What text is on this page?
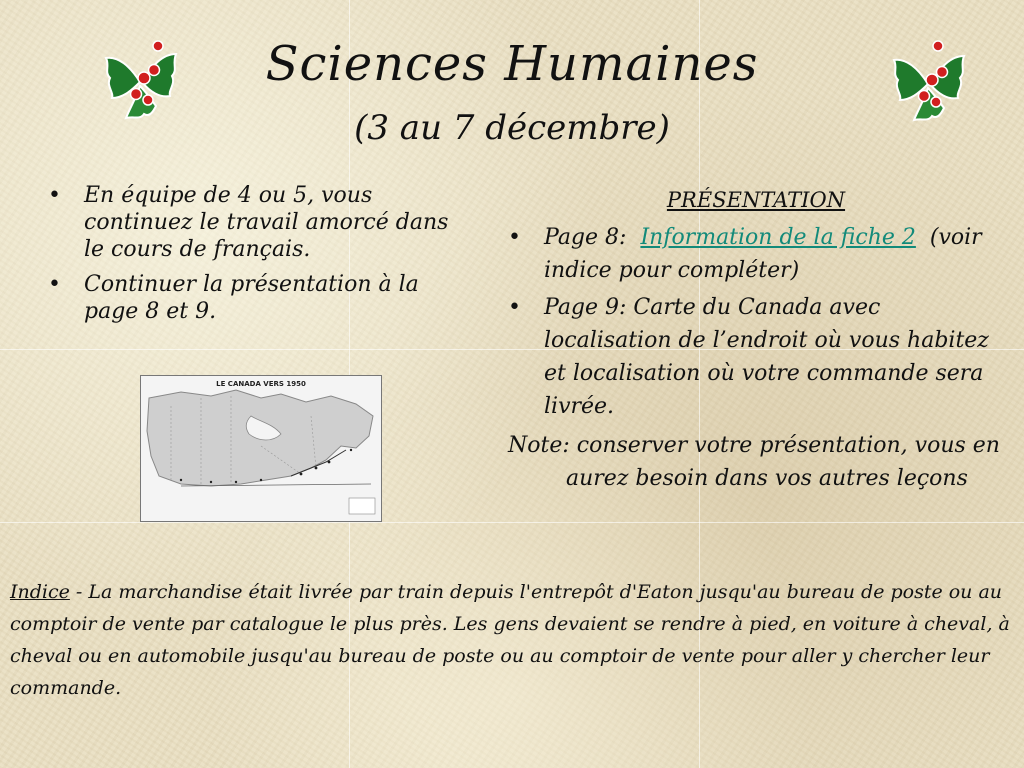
Sciences Humaines
(3 au 7 décembre)
• En équipe de 4 ou 5, vous continuez le travail amorcé dans le cours de français.
• Continuer la présentation à la page 8 et 9.
LE CANADA VERS 1950
PRÉSENTATION
• Page 8: Information de la fiche 2 (voir indice pour compléter)
• Page 9: Carte du Canada avec localisation de l’endroit où vous habitez et localisation où votre commande sera livrée.
Note: conserver votre présentation, vous en aurez besoin dans vos autres leçons
Indice - La marchandise était livrée par train depuis l'entrepôt d'Eaton jusqu'au bureau de poste ou au comptoir de vente par catalogue le plus près. Les gens devaient se rendre à pied, en voiture à cheval, à cheval ou en automobile jusqu'au bureau de poste ou au comptoir de vente pour aller y chercher leur commande.
